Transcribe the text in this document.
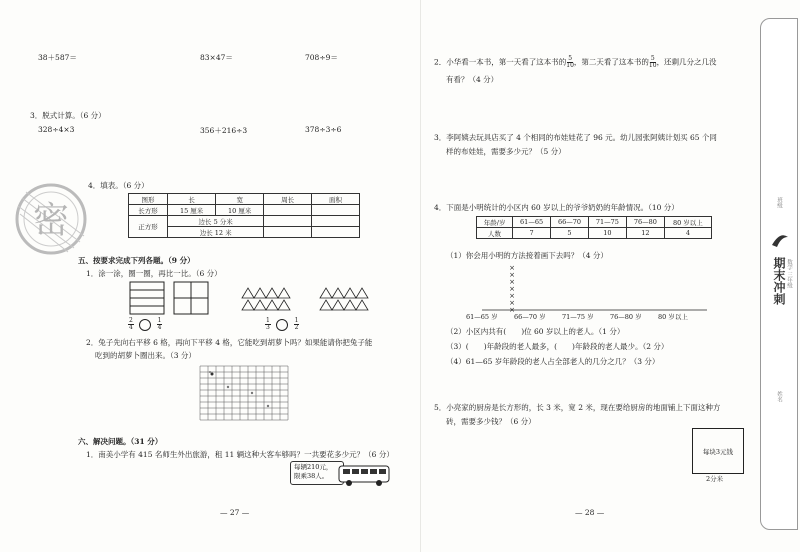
38＋587＝	83×47＝	708÷9＝
3．脱式计算。（6 分）
328÷4×3	356＋216÷3	378÷3÷6
密
4．填表。（6 分）
图形	长	宽	周长	面积
长方形	15 厘米	10 厘米		
正方形	边长 5 分米			
	边长 12 米			
五、按要求完成下列各题。（9 分）
1．涂一涂，圈一圈，再比一比。（6 分）
$\frac{2}{4}$
	$\frac{1}{4}$	$\frac{1}{3}$
	$\frac{1}{2}$
2．兔子先向右平移 6 格，再向下平移 4 格，它能吃到胡萝卜吗？如果能请你把兔子能
吃到的胡萝卜圈出来。（3 分）
六、解决问题。（31 分）
1．南美小学有 415 名师生外出旅游，租 11 辆这种大客车够吗？一共要花多少元？（6 分）
每辆210元，
限乘38人。
— 27 —
2．小华看一本书，第一天看了这本书的 $\frac{5}{10}$ ，第二天看了这本书的 $\frac{5}{10}$ ，还剩几分之几没
有看？（4 分）
3．李阿姨去玩具店买了 4 个相同的布娃娃花了 96 元。幼儿园张阿姨计划买 65 个同
样的布娃娃，需要多少元？（5 分）
4．下面是小明统计的小区内 60 岁以上的爷爷奶奶的年龄情况。（10 分）
年龄/岁	61—65	66—70	71—75	76—80	80 岁以上
人数	7	5	10	12	4
（1）你会用小明的方法接着画下去吗？（4 分）
×
×
×
×
×
×
×
61—65 岁	66—70 岁	71—75 岁	76—80 岁	80 岁以上
（2）小区内共有(　　)位 60 岁以上的老人。（1 分）
（3）(　　)年龄段的老人最多，(　　)年龄段的老人最少。（2 分）
（4）61—65 岁年龄段的老人占全部老人的几分之几？（3 分）
5．小亮家的厨房是长方形的，长 3 米，宽 2 米，现在要给厨房的地面铺上下面这种方
砖，需要多少钱？（6 分）
每块3元钱
2分米
— 28 —
班级
期末冲刺 数学 三年级
姓名
